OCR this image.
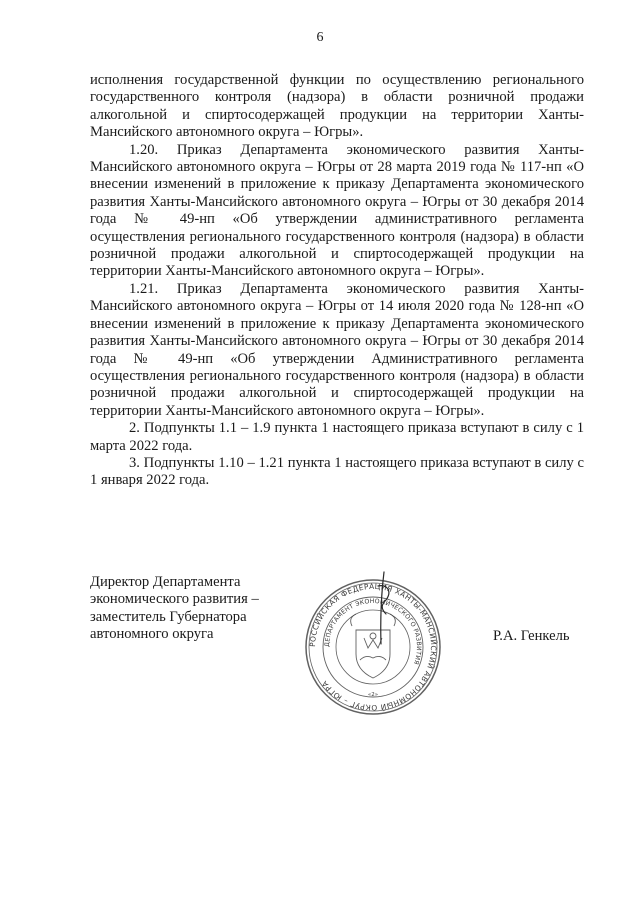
6

исполнения государственной функции по осуществлению регионального государственного контроля (надзора) в области розничной продажи алкогольной и спиртосодержащей продукции на территории Ханты-Мансийского автономного округа – Югры».

1.20. Приказ Департамента экономического развития Ханты-Мансийского автономного округа – Югры от 28 марта 2019 года № 117-нп «О внесении изменений в приложение к приказу Департамента экономического развития Ханты-Мансийского автономного округа – Югры от 30 декабря 2014 года № 49-нп «Об утверждении административного регламента осуществления регионального государственного контроля (надзора) в области розничной продажи алкогольной и спиртосодержащей продукции на территории Ханты-Мансийского автономного округа – Югры».

1.21. Приказ Департамента экономического развития Ханты-Мансийского автономного округа – Югры от 14 июля 2020 года № 128-нп «О внесении изменений в приложение к приказу Департамента экономического развития Ханты-Мансийского автономного округа – Югры от 30 декабря 2014 года № 49-нп «Об утверждении Административного регламента осуществления регионального государственного контроля (надзора) в области розничной продажи алкогольной и спиртосодержащей продукции на территории Ханты-Мансийского автономного округа – Югры».

2. Подпункты 1.1 – 1.9 пункта 1 настоящего приказа вступают в силу с 1 марта 2022 года.

3. Подпункты 1.10 – 1.21 пункта 1 настоящего приказа вступают в силу с 1 января 2022 года.

Директор Департамента
экономического развития –
заместитель Губернатора
автономного округа	Р.А. Генкель
РОССИЙСКАЯ ФЕДЕРАЦИЯ ХАНТЫ-МАНСИЙСКИЙ АВТОНОМНЫЙ ОКРУГ – ЮГРА
ДЕПАРТАМЕНТ ЭКОНОМИЧЕСКОГО РАЗВИТИЯ
«2»
